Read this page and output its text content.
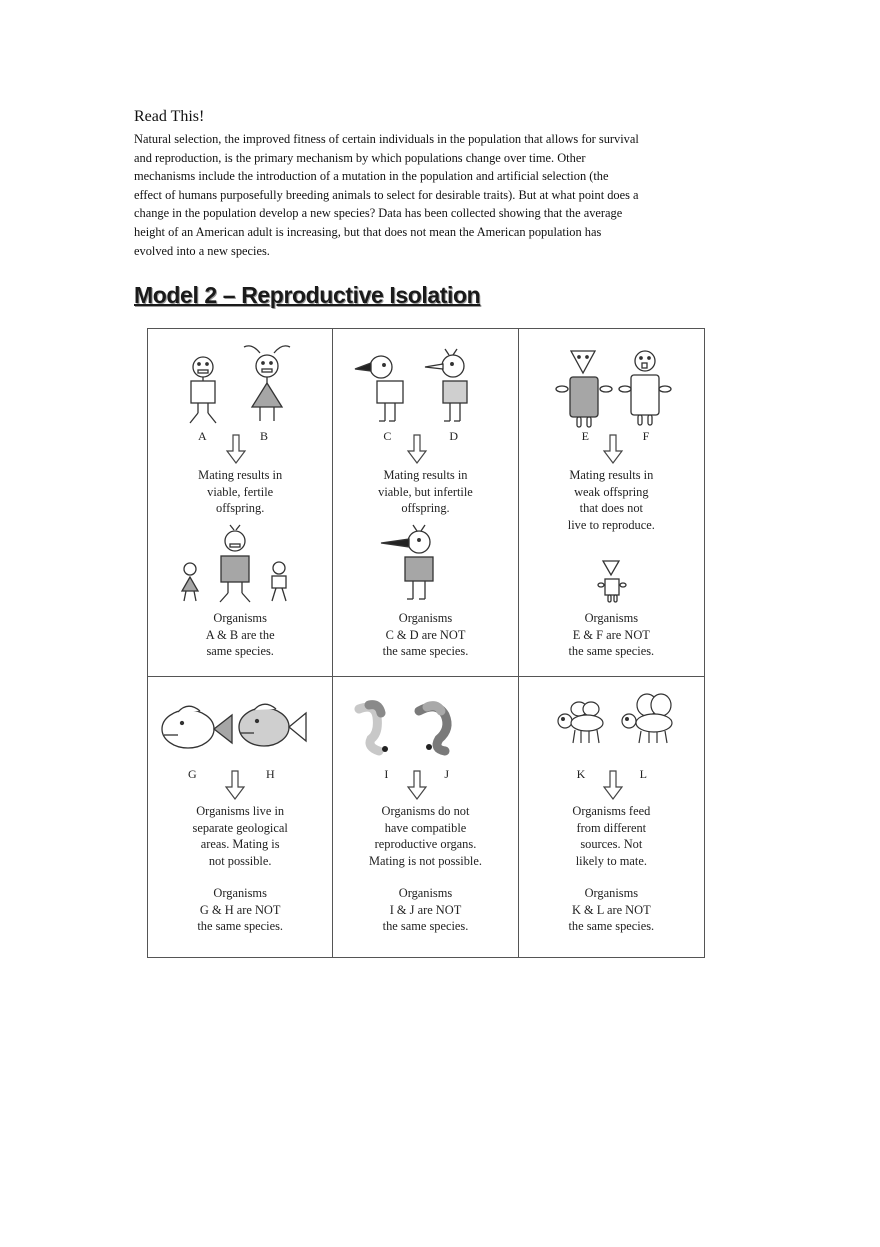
Read This!
Natural selection, the improved fitness of certain individuals in the population that allows for survival
and reproduction, is the primary mechanism by which populations change over time. Other
mechanisms include the introduction of a mutation in the population and artificial selection (the
effect of humans purposefully breeding animals to select for desirable traits). But at what point does a
change in the population develop a new species? Data has been collected showing that the average
height of an American adult is increasing, but that does not mean the American population has
evolved into a new species.
Model 2 – Reproductive Isolation
A	B
Mating results in
viable, fertile
offspring.
Organisms
A & B are the
same species.
C	D
Mating results in
viable, but infertile
offspring.
Organisms
C & D are NOT
the same species.
E	F
Mating results in
weak offspring
that does not
live to reproduce.
Organisms
E & F are NOT
the same species.
G	H
Organisms live in
separate geological
areas. Mating is
not possible.
Organisms
G & H are NOT
the same species.
I	J
Organisms do not
have compatible
reproductive organs.
Mating is not possible.
Organisms
I & J are NOT
the same species.
K	L
Organisms feed
from different
sources. Not
likely to mate.
Organisms
K & L are NOT
the same species.
